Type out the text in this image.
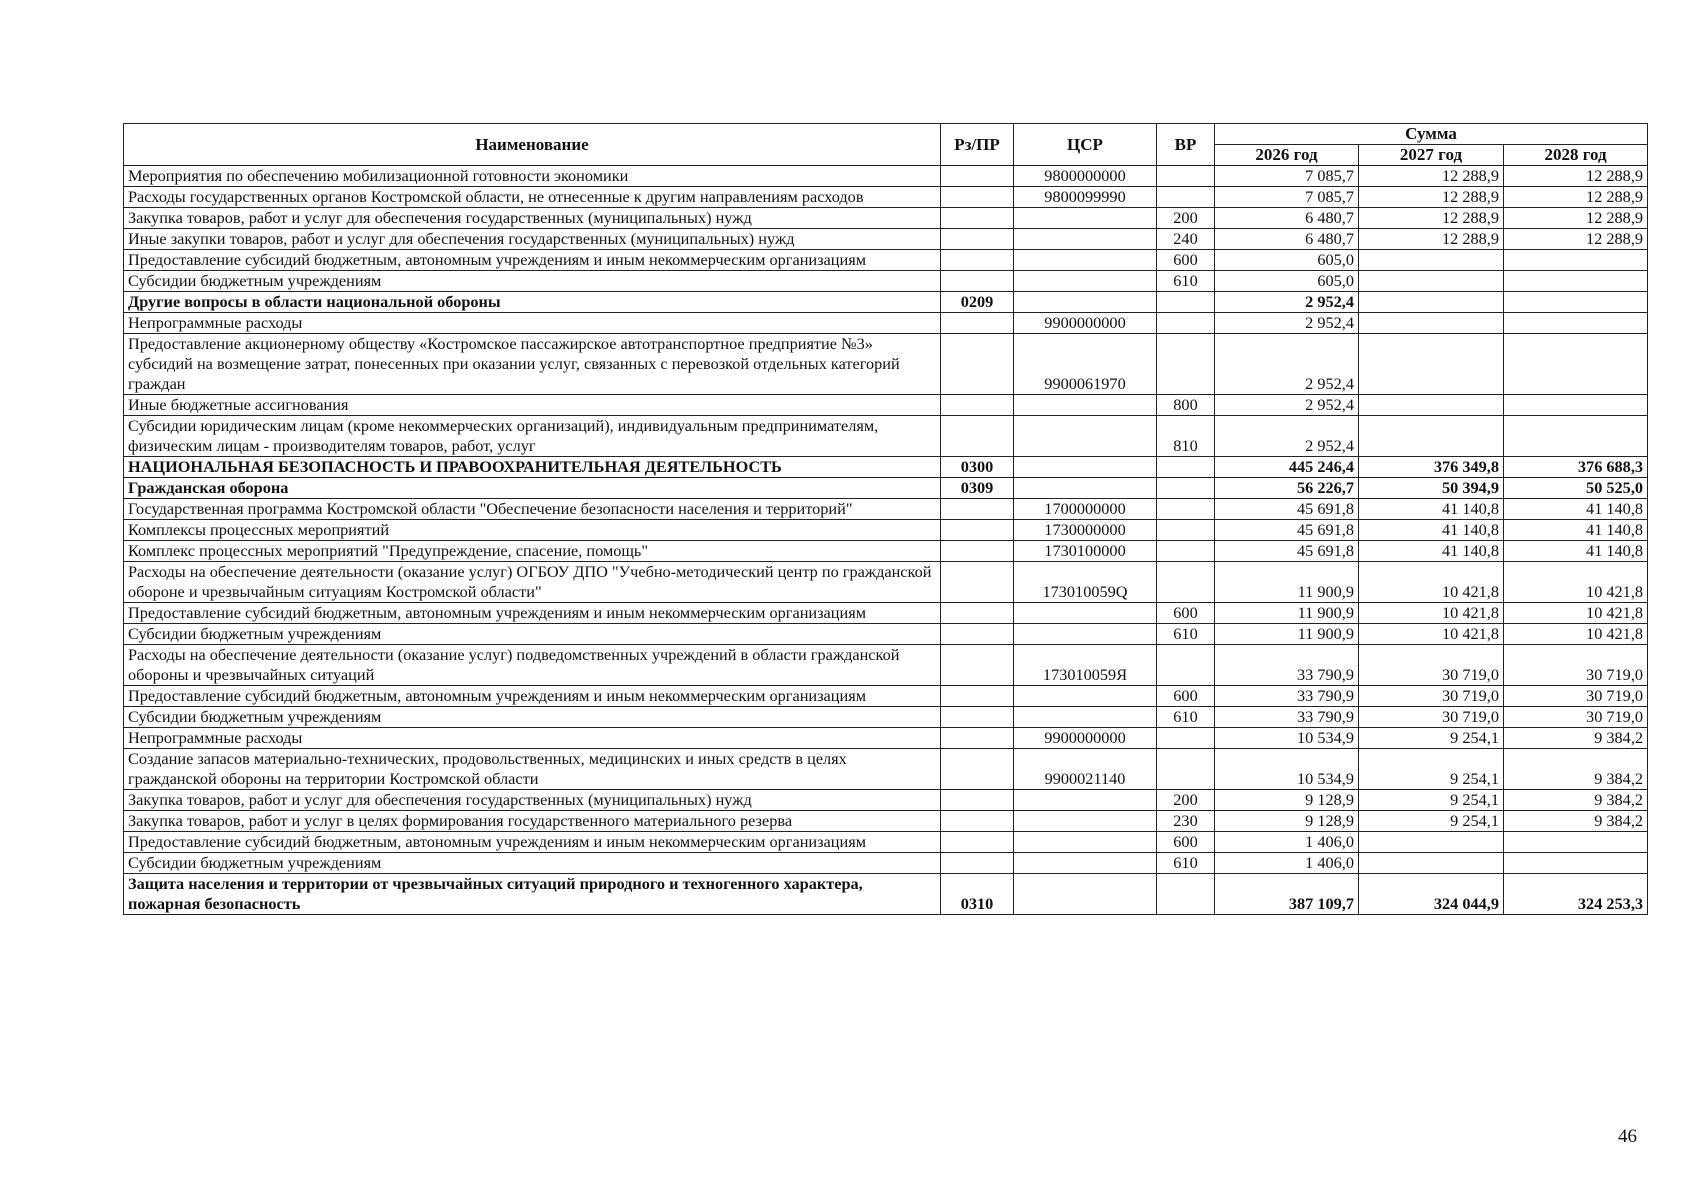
Наименование	Рз/ПР	ЦСР	ВР	Сумма		
				2026 год	2027 год	2028 год
Мероприятия по обеспечению мобилизационной готовности экономики		9800000000		7 085,7	12 288,9	12 288,9
Расходы государственных органов Костромской области, не отнесенные к другим направлениям расходов		9800099990		7 085,7	12 288,9	12 288,9
Закупка товаров, работ и услуг для обеспечения государственных (муниципальных) нужд			200	6 480,7	12 288,9	12 288,9
Иные закупки товаров, работ и услуг для обеспечения государственных (муниципальных) нужд			240	6 480,7	12 288,9	12 288,9
Предоставление субсидий бюджетным, автономным учреждениям и иным некоммерческим организациям			600	605,0		
Субсидии бюджетным учреждениям			610	605,0		
Другие вопросы в области национальной обороны	0209			2 952,4		
Непрограммные расходы		9900000000		2 952,4		
Предоставление акционерному обществу «Костромское пассажирское автотранспортное предприятие №3» субсидий на возмещение затрат, понесенных при оказании услуг, связанных с перевозкой отдельных категорий граждан		9900061970		2 952,4		
Иные бюджетные ассигнования			800	2 952,4		
Субсидии юридическим лицам (кроме некоммерческих организаций), индивидуальным предпринимателям, физическим лицам - производителям товаров, работ, услуг			810	2 952,4		
НАЦИОНАЛЬНАЯ БЕЗОПАСНОСТЬ И ПРАВООХРАНИТЕЛЬНАЯ ДЕЯТЕЛЬНОСТЬ	0300			445 246,4	376 349,8	376 688,3
Гражданская оборона	0309			56 226,7	50 394,9	50 525,0
Государственная программа Костромской области "Обеспечение безопасности населения и территорий"		1700000000		45 691,8	41 140,8	41 140,8
Комплексы процессных мероприятий		1730000000		45 691,8	41 140,8	41 140,8
Комплекс процессных мероприятий "Предупреждение, спасение, помощь"		1730100000		45 691,8	41 140,8	41 140,8
Расходы на обеспечение деятельности (оказание услуг) ОГБОУ ДПО "Учебно-методический центр по гражданской обороне и чрезвычайным ситуациям Костромской области"		173010059Q		11 900,9	10 421,8	10 421,8
Предоставление субсидий бюджетным, автономным учреждениям и иным некоммерческим организациям			600	11 900,9	10 421,8	10 421,8
Субсидии бюджетным учреждениям			610	11 900,9	10 421,8	10 421,8
Расходы на обеспечение деятельности (оказание услуг) подведомственных учреждений в области гражданской обороны и чрезвычайных ситуаций		173010059Я		33 790,9	30 719,0	30 719,0
Предоставление субсидий бюджетным, автономным учреждениям и иным некоммерческим организациям			600	33 790,9	30 719,0	30 719,0
Субсидии бюджетным учреждениям			610	33 790,9	30 719,0	30 719,0
Непрограммные расходы		9900000000		10 534,9	9 254,1	9 384,2
Создание запасов материально-технических, продовольственных, медицинских и иных средств в целях гражданской обороны на территории Костромской области		9900021140		10 534,9	9 254,1	9 384,2
Закупка товаров, работ и услуг для обеспечения государственных (муниципальных) нужд			200	9 128,9	9 254,1	9 384,2
Закупка товаров, работ и услуг в целях формирования государственного материального резерва			230	9 128,9	9 254,1	9 384,2
Предоставление субсидий бюджетным, автономным учреждениям и иным некоммерческим организациям			600	1 406,0		
Субсидии бюджетным учреждениям			610	1 406,0		
Защита населения и территории от чрезвычайных ситуаций природного и техногенного характера, пожарная безопасность	0310			387 109,7	324 044,9	324 253,3
46
